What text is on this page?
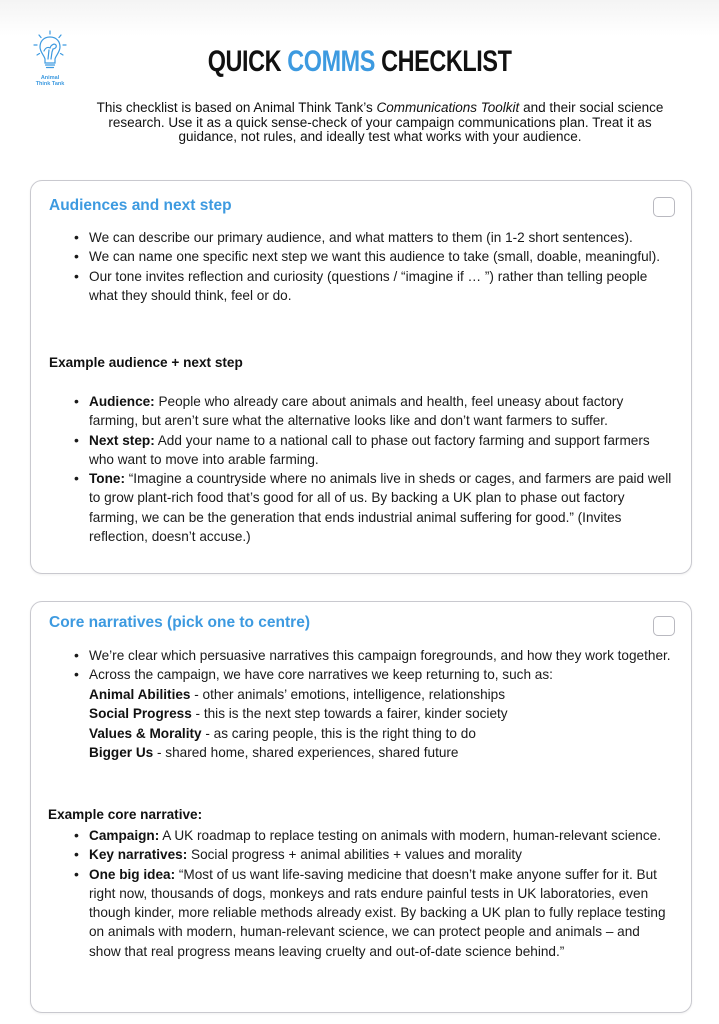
Animal
Think Tank
QUICK COMMS CHECKLIST
This checklist is based on Animal Think Tank’s Communications Toolkit and their social science research. Use it as a quick sense-check of your campaign communications plan. Treat it as guidance, not rules, and ideally test what works with your audience.
Audiences and next step
• We can describe our primary audience, and what matters to them (in 1-2 short sentences).
• We can name one specific next step we want this audience to take (small, doable, meaningful).
• Our tone invites reflection and curiosity (questions / “imagine if … ”) rather than telling people what they should think, feel or do.
Example audience + next step
• Audience: People who already care about animals and health, feel uneasy about factory farming, but aren’t sure what the alternative looks like and don’t want farmers to suffer.
• Next step: Add your name to a national call to phase out factory farming and support farmers who want to move into arable farming.
• Tone: “Imagine a countryside where no animals live in sheds or cages, and farmers are paid well to grow plant-rich food that’s good for all of us. By backing a UK plan to phase out factory farming, we can be the generation that ends industrial animal suffering for good.” (Invites reflection, doesn’t accuse.)
Core narratives (pick one to centre)
• We’re clear which persuasive narratives this campaign foregrounds, and how they work together.
• Across the campaign, we have core narratives we keep returning to, such as:
Animal Abilities - other animals’ emotions, intelligence, relationships
Social Progress - this is the next step towards a fairer, kinder society
Values & Morality - as caring people, this is the right thing to do
Bigger Us - shared home, shared experiences, shared future
Example core narrative:
• Campaign: A UK roadmap to replace testing on animals with modern, human-relevant science.
• Key narratives: Social progress + animal abilities + values and morality
• One big idea: “Most of us want life-saving medicine that doesn’t make anyone suffer for it. But right now, thousands of dogs, monkeys and rats endure painful tests in UK laboratories, even though kinder, more reliable methods already exist. By backing a UK plan to fully replace testing on animals with modern, human-relevant science, we can protect people and animals – and show that real progress means leaving cruelty and out-of-date science behind.”
